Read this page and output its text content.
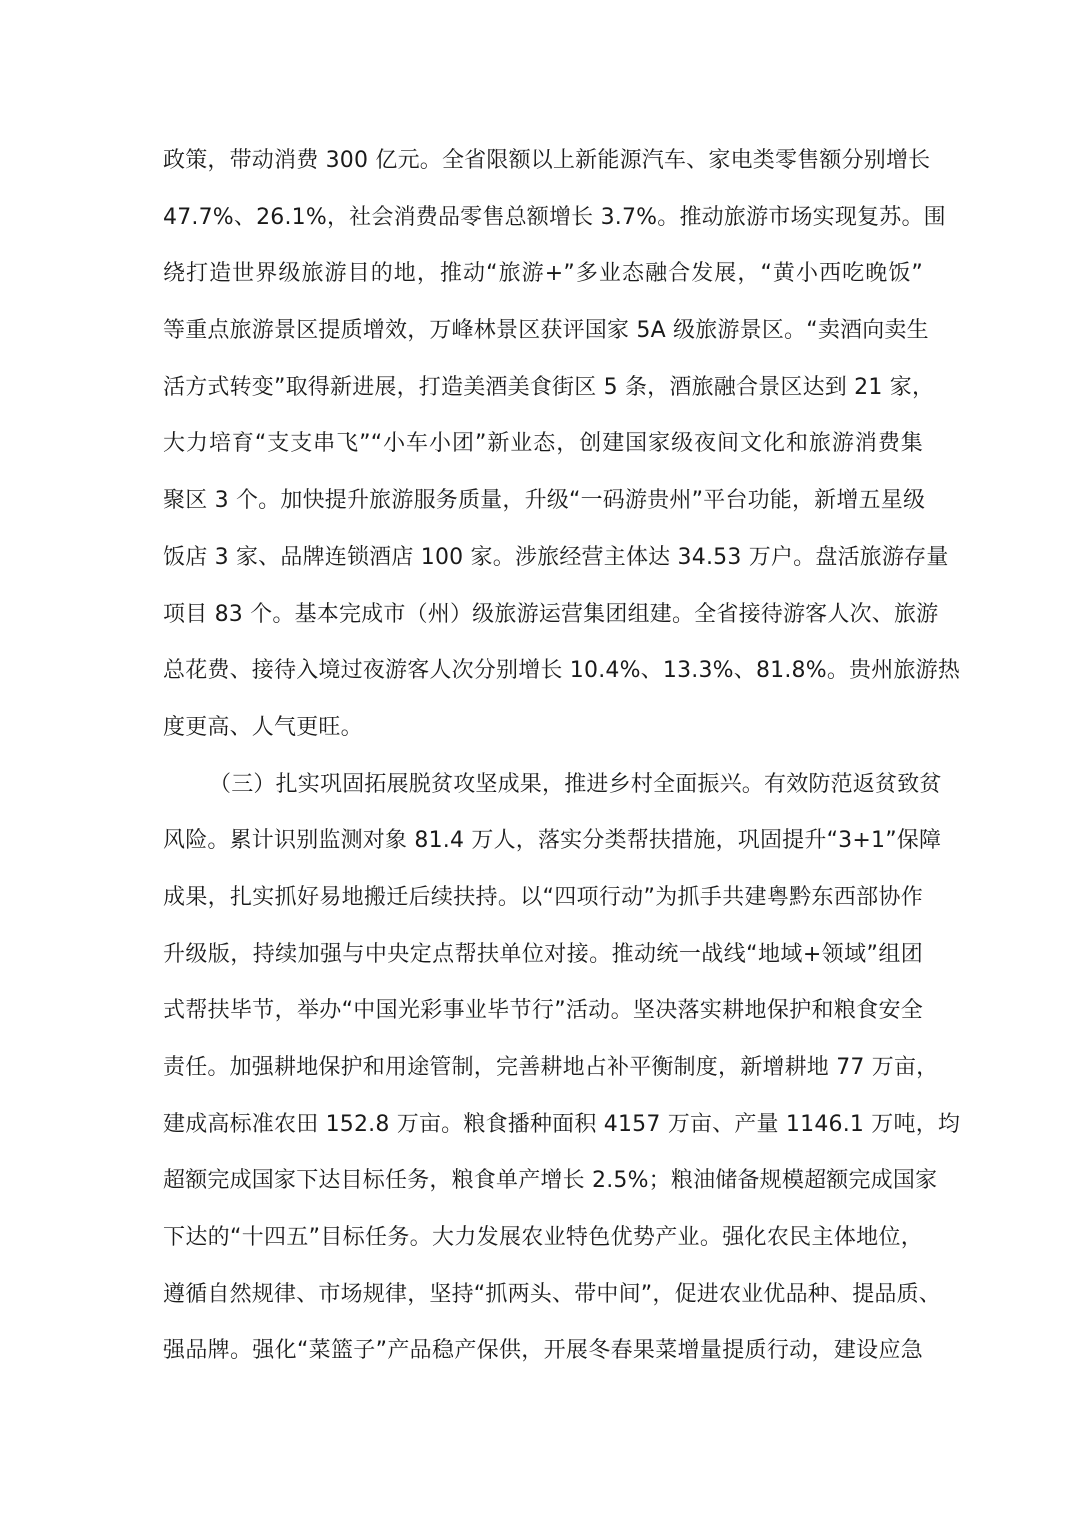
政策，带动消费 300 亿元。全省限额以上新能源汽车、家电类零售额分别增长
47.7%、26.1%，社会消费品零售总额增长 3.7%。推动旅游市场实现复苏。围
绕打造世界级旅游目的地，推动“旅游+”多业态融合发展，“黄小西吃晚饭”
等重点旅游景区提质增效，万峰林景区获评国家 5A 级旅游景区。“卖酒向卖生
活方式转变”取得新进展，打造美酒美食街区 5 条，酒旅融合景区达到 21 家，
大力培育“支支串飞”“小车小团”新业态，创建国家级夜间文化和旅游消费集
聚区 3 个。加快提升旅游服务质量，升级“一码游贵州”平台功能，新增五星级
饭店 3 家、品牌连锁酒店 100 家。涉旅经营主体达 34.53 万户。盘活旅游存量
项目 83 个。基本完成市（州）级旅游运营集团组建。全省接待游客人次、旅游
总花费、接待入境过夜游客人次分别增长 10.4%、13.3%、81.8%。贵州旅游热
度更高、人气更旺。
（三）扎实巩固拓展脱贫攻坚成果，推进乡村全面振兴。有效防范返贫致贫
风险。累计识别监测对象 81.4 万人，落实分类帮扶措施，巩固提升“3+1”保障
成果，扎实抓好易地搬迁后续扶持。以“四项行动”为抓手共建粤黔东西部协作
升级版，持续加强与中央定点帮扶单位对接。推动统一战线“地域+领域”组团
式帮扶毕节，举办“中国光彩事业毕节行”活动。坚决落实耕地保护和粮食安全
责任。加强耕地保护和用途管制，完善耕地占补平衡制度，新增耕地 77 万亩，
建成高标准农田 152.8 万亩。粮食播种面积 4157 万亩、产量 1146.1 万吨，均
超额完成国家下达目标任务，粮食单产增长 2.5%；粮油储备规模超额完成国家
下达的“十四五”目标任务。大力发展农业特色优势产业。强化农民主体地位，
遵循自然规律、市场规律，坚持“抓两头、带中间”，促进农业优品种、提品质、
强品牌。强化“菜篮子”产品稳产保供，开展冬春果菜增量提质行动，建设应急
